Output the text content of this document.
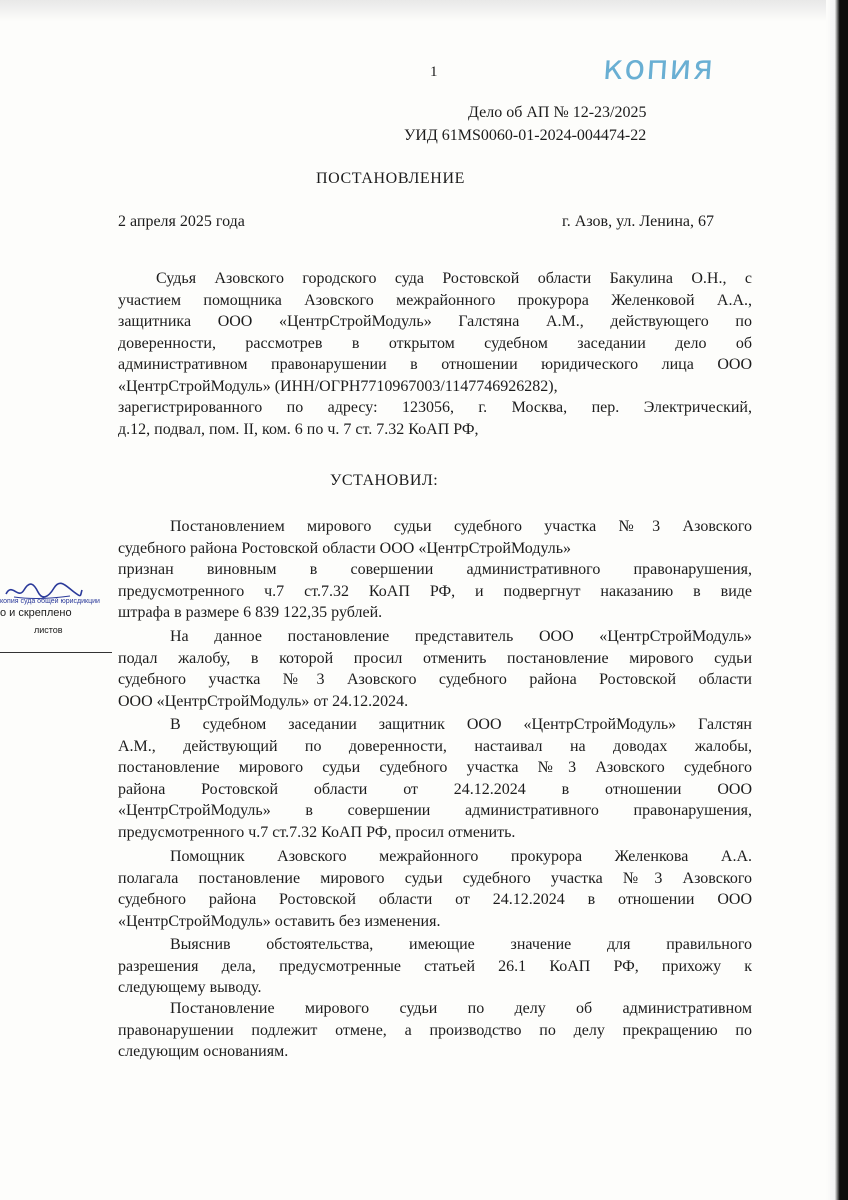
1	копия
Дело об АП № 12-23/2025
УИД 61MS0060-01-2024-004474-22
ПОСТАНОВЛЕНИЕ
2 апреля 2025 года	г. Азов, ул. Ленина, 67
Судья Азовского городского суда Ростовской области Бакулина О.Н., с
участием помощника Азовского межрайонного прокурора Желенковой А.А.,
защитника ООО «ЦентрСтройМодуль» Галстяна А.М., действующего по
доверенности, рассмотрев в открытом судебном заседании дело об
административном правонарушении в отношении юридического лица ООО
«ЦентрСтройМодуль» (ИНН/ОГРН7710967003/1147746926282),
зарегистрированного по адресу: 123056, г. Москва, пер. Электрический,
д.12, подвал, пом. II, ком. 6 по ч. 7 ст. 7.32 КоАП РФ,
УСТАНОВИЛ:
Постановлением мирового судьи судебного участка №3 Азовского
судебного района Ростовской области ООО «ЦентрСтройМодуль»
признан виновным в совершении административного правонарушения,
предусмотренного ч.7 ст.7.32 КоАП РФ, и подвергнут наказанию в виде
штрафа в размере 6 839 122,35 рублей.
На данное постановление представитель ООО «ЦентрСтройМодуль»
подал жалобу, в которой просил отменить постановление мирового судьи
судебного участка №3 Азовского судебного района Ростовской области
ООО «ЦентрСтройМодуль» от 24.12.2024.
В судебном заседании защитник ООО «ЦентрСтройМодуль» Галстян
А.М., действующий по доверенности, настаивал на доводах жалобы,
постановление мирового судьи судебного участка №3 Азовского судебного
района Ростовской области от 24.12.2024 в отношении ООО
«ЦентрСтройМодуль» в совершении административного правонарушения,
предусмотренного ч.7 ст.7.32 КоАП РФ, просил отменить.
Помощник Азовского межрайонного прокурора Желенкова А.А.
полагала постановление мирового судьи судебного участка №3 Азовского
судебного района Ростовской области от 24.12.2024 в отношении ООО
«ЦентрСтройМодуль» оставить без изменения.
Выяснив обстоятельства, имеющие значение для правильного
разрешения дела, предусмотренные статьей 26.1 КоАП РФ, прихожу к
следующему выводу.
Постановление мирового судьи по делу об административном
правонарушении подлежит отмене, а производство по делу прекращению по
следующим основаниям.
копия суда общей юрисдикции
о и скреплено
листов
